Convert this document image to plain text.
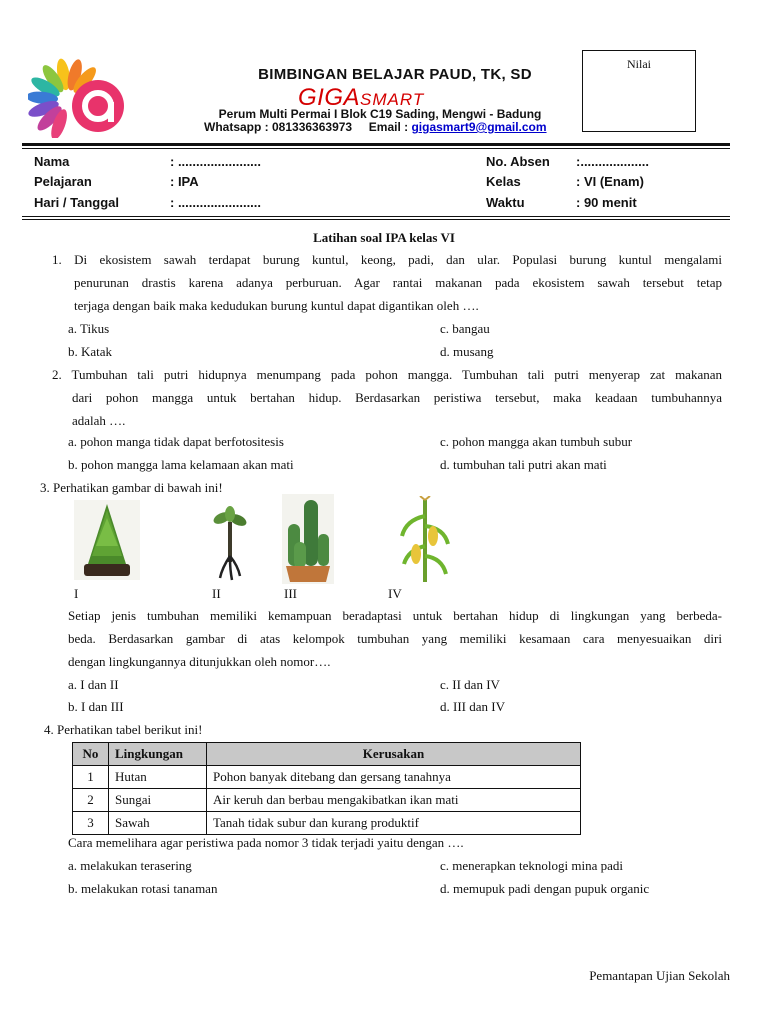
BIMBINGAN BELAJAR PAUD, TK, SD
GIGASMART
Perum Multi Permai I Blok C19 Sading, Mengwi - Badung
Whatsapp : 081336363973 Email : gigasmart9@gmail.com
Nilai
Nama	: .......................
Pelajaran	: IPA
Hari / Tanggal	: .......................
No. Absen :...................
Kelas	: VI (Enam)
Waktu	: 90 menit
Latihan soal IPA kelas VI
1. Di ekosistem sawah terdapat burung kuntul, keong, padi, dan ular. Populasi burung kuntul mengalami
penurunan drastis karena adanya perburuan. Agar rantai makanan pada ekosistem sawah tersebut tetap
terjaga dengan baik maka kedudukan burung kuntul dapat digantikan oleh ….
a. Tikus
b. Katak
c. bangau
d. musang
2. Tumbuhan tali putri hidupnya menumpang pada pohon mangga. Tumbuhan tali putri menyerap zat makanan
dari pohon mangga untuk bertahan hidup. Berdasarkan peristiwa tersebut, maka keadaan tumbuhannya
adalah ….
a. pohon manga tidak dapat berfotositesis
b. pohon mangga lama kelamaan akan mati
c. pohon mangga akan tumbuh subur
d. tumbuhan tali putri akan mati
3. Perhatikan gambar di bawah ini!
I	II	III	IV
Setiap jenis tumbuhan memiliki kemampuan beradaptasi untuk bertahan hidup di lingkungan yang berbeda-
beda. Berdasarkan gambar di atas kelompok tumbuhan yang memiliki kesamaan cara menyesuaikan diri
dengan lingkungannya ditunjukkan oleh nomor….
a. I dan II
b. I dan III
c. II dan IV
d. III dan IV
4. Perhatikan tabel berikut ini!
No	Lingkungan	Kerusakan
1	Hutan	Pohon banyak ditebang dan gersang tanahnya
2	Sungai	Air keruh dan berbau mengakibatkan ikan mati
3	Sawah	Tanah tidak subur dan kurang produktif
Cara memelihara agar peristiwa pada nomor 3 tidak terjadi yaitu dengan ….
a. melakukan terasering
b. melakukan rotasi tanaman
c. menerapkan teknologi mina padi
d. memupuk padi dengan pupuk organic
Pemantapan Ujian Sekolah
